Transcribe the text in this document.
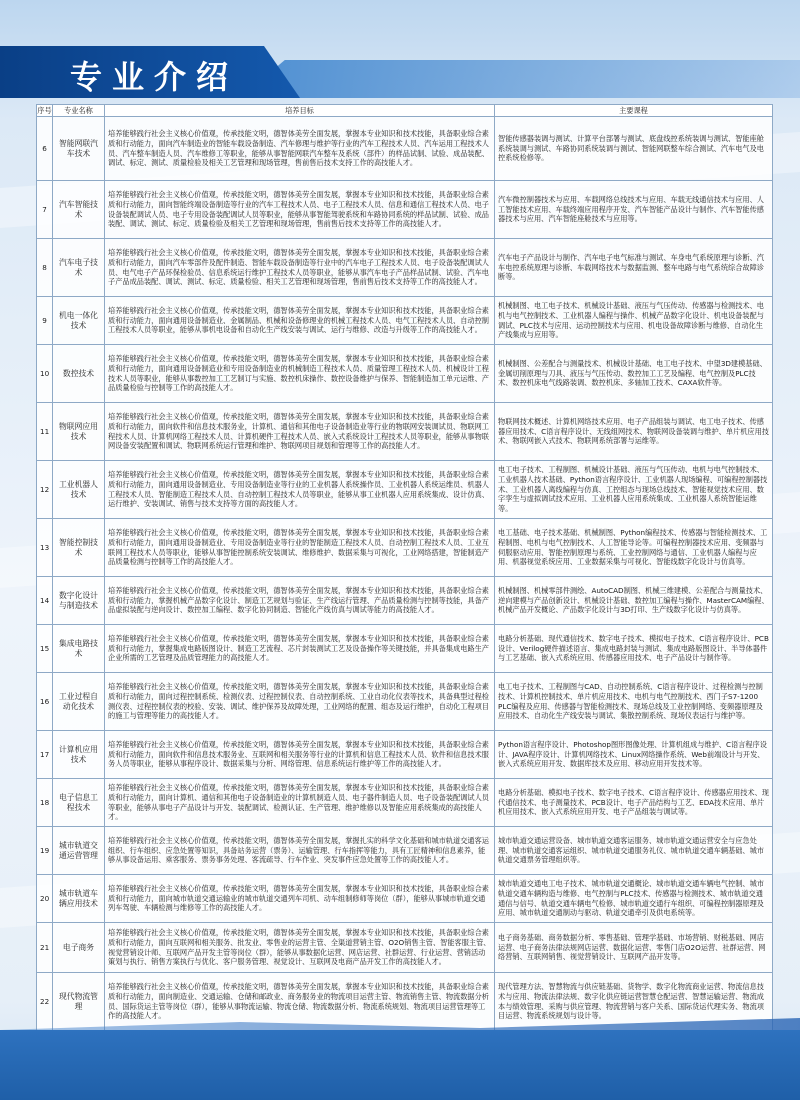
专业介绍
序号	专业名称	培养目标	主要课程
6	智能网联汽车技术	培养能够践行社会主义核心价值观，传承技能文明，德智体美劳全面发展，掌握本专业知识和技术技能，具备职业综合素质和行动能力，面向汽车制造业的智能车载设备制造、汽车修理与维护等行业的汽车工程技术人员、汽车运用工程技术人员、汽车整车制造人员、汽车维修工等职业，能够从事智能网联汽车整车及系统（部件）的样品试制、试验、成品装配、调试、标定、测试、质量检验及相关工艺管理和现场管理，售前售后技术支持工作的高技能人才。	智能传感器装调与测试、计算平台部署与测试、底盘线控系统装调与测试、智能座舱系统装调与测试、车路协同系统装调与测试、智能网联整车综合测试、汽车电气及电控系统检修等。
7	汽车智能技术	培养能够践行社会主义核心价值观，传承技能文明，德智体美劳全面发展，掌握本专业知识和技术技能，具备职业综合素质和行动能力，面向智能终端设备制造等行业的汽车工程技术人员、电子工程技术人员、信息和通信工程技术人员、电子设备装配调试人员、电子专用设备装配调试人员等职业，能够从事智能驾驶系统和车路协同系统的样品试制、试验、成品装配、调试、测试、标定、质量检验及相关工艺管理和现场管理，售前售后技术支持等工作的高技能人才。	汽车微控制器技术与应用、车载网络总线技术与应用、车载无线通信技术与应用、人工智能技术应用、车载终端应用程序开发、汽车智能产品设计与制作、汽车智能传感器技术与应用、汽车智能座舱技术与应用等。
8	汽车电子技术	培养能够践行社会主义核心价值观，传承技能文明，德智体美劳全面发展，掌握本专业知识和技术技能，具备职业综合素质和行动能力，面向汽车零部件及配件制造、智能车载设备制造等行业中的汽车电子工程技术人员、电子设备装配调试人员、电气电子产品环保检验员、信息系统运行维护工程技术人员等职业，能够从事汽车电子产品样品试制、试验、汽车电子产品成品装配、调试、测试、标定、质量检验、相关工艺管理和现场管理，售前售后技术支持等工作的高技能人才。	汽车电子产品设计与制作、汽车电子电气标准与测试、车身电气系统原理与诊断、汽车电控系统原理与诊断、车载网络技术与数据监测、整车电路与电气系统综合故障诊断等。
9	机电一体化技术	培养能够践行社会主义核心价值观，传承技能文明，德智体美劳全面发展，掌握本专业知识和技术技能，具备职业综合素质和行动能力，面向通用设备制造业、金属制品、机械和设备修理业的机械工程技术人员、电气工程技术人员、自动控制工程技术人员等职业，能够从事机电设备和自动化生产线安装与调试、运行与维修、改造与升级等工作的高技能人才。	机械制图、电工电子技术、机械设计基础、液压与气压传动、传感器与检测技术、电机与电气控制技术、工业机器人编程与操作、机械产品数字化设计、机电设备装配与调试、PLC技术与应用、运动控制技术与应用、机电设备故障诊断与维修、自动化生产线集成与应用等。
10	数控技术	培养能够践行社会主义核心价值观，传承技能文明，德智体美劳全面发展，掌握本专业知识和技术技能，具备职业综合素质和行动能力，面向通用设备制造业和专用设备制造业的机械制造工程技术人员、质量管理工程技术人员、机械设计工程技术人员等职业，能够从事数控加工工艺制订与实施、数控机床操作、数控设备维护与保养、智能制造加工单元运维、产品质量检验与控制等工作的高技能人才。	机械制图、公差配合与测量技术、机械设计基础、电工电子技术、中望3D建模基础、金属切削原理与刀具、液压与气压传动、数控加工工艺及编程、电气控制及PLC技术、数控机床电气线路装调、数控机床、多轴加工技术、CAXA软件等。
11	物联网应用技术	培养能够践行社会主义核心价值观，传承技能文明，德智体美劳全面发展，掌握本专业知识和技术技能，具备职业综合素质和行动能力，面向软件和信息技术服务业，计算机、通信和其他电子设备制造业等行业的物联网安装调试员、物联网工程技术人员、计算机网络工程技术人员、计算机硬件工程技术人员、嵌入式系统设计工程技术人员等职业，能够从事物联网设备安装配置和调试、物联网系统运行管理和维护、物联网项目规划和管理等工作的高技能人才。	物联网技术概述、计算机网络技术应用、电子产品组装与调试、电工电子技术、传感器应用技术、C语言程序设计、无线组网技术、物联网设备装调与维护、单片机应用技术、物联网嵌入式技术、物联网系统部署与运维等。
12	工业机器人技术	培养能够践行社会主义核心价值观，传承技能文明，德智体美劳全面发展，掌握本专业知识和技术技能，具备职业综合素质和行动能力，面向通用设备制造业、专用设备制造业等行业的工业机器人系统操作员、工业机器人系统运维员、机器人工程技术人员、智能制造工程技术人员、自动控制工程技术人员等职业，能够从事工业机器人应用系统集成、设计仿真、运行维护、安装调试、销售与技术支持等方面的高技能人才。	电工电子技术、工程制图、机械设计基础、液压与气压传动、电机与电气控制技术、工业机器人技术基础、Python语言程序设计、工业机器人现场编程、可编程控制器技术、工业机器人离线编程与仿真、工控组态与现场总线技术、智能视觉技术应用、数字孪生与虚拟调试技术应用、工业机器人应用系统集成、工业机器人系统智能运维等。
13	智能控制技术	培养能够践行社会主义核心价值观，传承技能文明，德智体美劳全面发展，掌握本专业知识和技术技能，具备职业综合素质和行动能力，面向通用设备制造业、专用设备制造业等行业的智能制造工程技术人员、自动控制工程技术人员、工业互联网工程技术人员等职业，能够从事智能控制系统安装调试、维修维护、数据采集与可视化，工业网络搭建，智能制造产品质量检测与控制等工作的高技能人才。	电工基础、电子技术基础、机械制图、Python编程技术、传感器与智能检测技术、工程制图、电机与电气控制技术、人工智能导论等。可编程控制器技术应用、变频器与伺服驱动应用、智能控制原理与系统、工业控制网络与通信、工业机器人编程与应用、机器视觉系统应用、工业数据采集与可视化、智能线数字化设计与仿真等。
14	数字化设计与制造技术	培养能够践行社会主义核心价值观，传承技能文明，德智体美劳全面发展，掌握本专业知识和技术技能，具备职业综合素质和行动能力，掌握机械产品数字化设计、制造工艺规划与验证、生产线运行管理、产品质量检测与控制等技能，具备产品虚拟装配与逆向设计、数控加工编程、数字化协同制造、智能化产线仿真与调试等能力的高技能人才。	机械制图、机械零部件测绘、AutoCAD制图、机械三维建模、公差配合与测量技术、逆向建模与产品创新设计、机械设计基础、数控加工编程与操作、MasterCAM编程、机械产品开发概论、产品数字化设计与3D打印、生产线数字化设计与仿真等。
15	集成电路技术	培养能够践行社会主义核心价值观，传承技能文明，德智体美劳全面发展，掌握本专业知识和技术技能，具备职业综合素质和行动能力，掌握集成电路版图设计、制造工艺流程、芯片封装测试工艺及设备操作等关键技能，并具备集成电路生产企业所需的工艺管理及品质管理能力的高技能人才。	电路分析基础、现代通信技术、数字电子技术、模拟电子技术、C语言程序设计、PCB设计、Verilog硬件描述语言、集成电路封装与测试、集成电路版图设计、半导体器件与工艺基础、嵌入式系统应用、传感器应用技术、电子产品设计与制作等。
16	工业过程自动化技术	培养能够践行社会主义核心价值观，传承技能文明，德智体美劳全面发展，掌握本专业知识和技术技能，具备职业综合素质和行动能力，面向过程控制系统、检测仪表、过程控制仪表、自动控制系统、工业自动化仪表等技术，具备典型过程检测仪表、过程控制仪表的校验、安装、调试、维护保养及故障处理，工业网络的配置、组态及运行维护，自动化工程项目的施工与管理等能力的高技能人才。	电工电子技术、工程制图与CAD、自动控制系统、C语言程序设计、过程检测与控制技术、计算机控制技术、单片机应用技术、电机与电气控制技术、西门子S7-1200 PLC编程及应用、传感器与智能检测技术、现场总线及工业控制网络、变频器原理及应用技术、自动化生产线安装与调试、集散控制系统、现场仪表运行与维护等。
17	计算机应用技术	培养能够践行社会主义核心价值观，传承技能文明，德智体美劳全面发展，掌握本专业知识和技术技能，具备职业综合素质和行动能力，面向软件和信息技术服务业、互联网和相关服务等行业的计算机和信息工程技术人员、软件和信息技术服务人员等职业，能够从事程序设计、数据采集与分析、网络管理、信息系统运行维护等工作的高技能人才。	Python语言程序设计、Photoshop图形图像处理、计算机组成与维护、C语言程序设计、JAVA程序设计、计算机网络技术、Linux网络操作系统、Web前端设计与开发、嵌入式系统应用开发、数据库技术及应用、移动应用开发技术等。
18	电子信息工程技术	培养能够践行社会主义核心价值观，传承技能文明，德智体美劳全面发展，掌握本专业知识和技术技能，具备职业综合素质和行动能力，面向计算机、通信和其他电子设备制造业的计算机制造人员、电子器件制造人员、电子设备装配调试人员等职业，能够从事电子产品设计与开发、装配调试、检测认证、生产管理、维护维修以及智能应用系统集成的高技能人才。	电路分析基础、模拟电子技术、数字电子技术、C语言程序设计、传感器应用技术、现代通信技术、电子测量技术、PCB设计、电子产品结构与工艺、EDA技术应用、单片机应用技术、嵌入式系统应用开发、电子产品组装与调试等。
19	城市轨道交通运营管理	培养能够践行社会主义核心价值观，传承技能文明，德智体美劳全面发展，掌握扎实的科学文化基础和城市轨道交通客运组织、行车组织、应急处置等知识，具备站务运营（票务）、运输管理、行车指挥等能力，具有工匠精神和信息素养，能够从事设备运用、乘客服务、票务事务处理、客流疏导、行车作业、突发事件应急处置等工作的高技能人才。	城市轨道交通运营设备、城市轨道交通客运服务、城市轨道交通运营安全与应急处理、城市轨道交通客运组织、城市轨道交通服务礼仪、城市轨道交通车辆基础、城市轨道交通票务管理组织等。
20	城市轨道车辆应用技术	培养能够践行社会主义核心价值观，传承技能文明，德智体美劳全面发展，掌握本专业知识和技术技能，具备职业综合素质和行动能力，面向城市轨道交通运输业的城市轨道交通列车司机、动车组制修师等岗位（群），能够从事城市轨道交通列车驾驶、车辆检测与维修等工作的高技能人才。	城市轨道交通电工电子技术、城市轨道交通概论、城市轨道交通车辆电气控制、城市轨道交通车辆构造与维修、电气控制与PLC技术、传感器与检测技术、城市轨道交通通信与信号、轨道交通车辆电气检修、城市轨道交通行车组织、可编程控制器原理及应用、城市轨道交通制动与驱动、轨道交通牵引及供电系统等。
21	电子商务	培养能够践行社会主义核心价值观，传承技能文明，德智体美劳全面发展，掌握本专业知识和技术技能，具备职业综合素质和行动能力，面向互联网和相关服务、批发业、零售业的运营主管、全渠道营销主管、O2O销售主管、智能客服主管、视觉营销设计师、互联网产品开发主管等岗位（群），能够从事数据化运营、网店运营、社群运营、行业运营、营销活动策划与执行、销售方案执行与优化、客户服务管理、视觉设计、互联网及电商产品开发工作的高技能人才。	电子商务基础、商务数据分析、零售基础、管理学基础、市场营销、财税基础、网店运营、电子商务法律法规网店运营、数据化运营、零售门店O2O运营、社群运营、网络营销、互联网销售、视觉营销设计、互联网产品开发等。
22	现代物流管理	培养能够践行社会主义核心价值观，传承技能文明，德智体美劳全面发展，掌握本专业知识和技术技能，具备职业综合素质和行动能力，面向制造业、交通运输、仓储和邮政业、商务服务业的物流项目运营主管、物流销售主管、物流数据分析员、国际货运主管等岗位（群），能够从事物流运输、物流仓储、物流数据分析、物流系统规划、物流项目运营管理等工作的高技能人才。	现代管理方法、智慧物流与供应链基础、货物学、数字化物流商业运营、物流信息技术与应用、物流法律法规、数字化供应链运营智慧仓配运营、智慧运输运营、物流成本与绩效管理、采购与供应管理、物流营销与客户关系、国际货运代理实务、物流项目运营、物流系统规划与设计等。
